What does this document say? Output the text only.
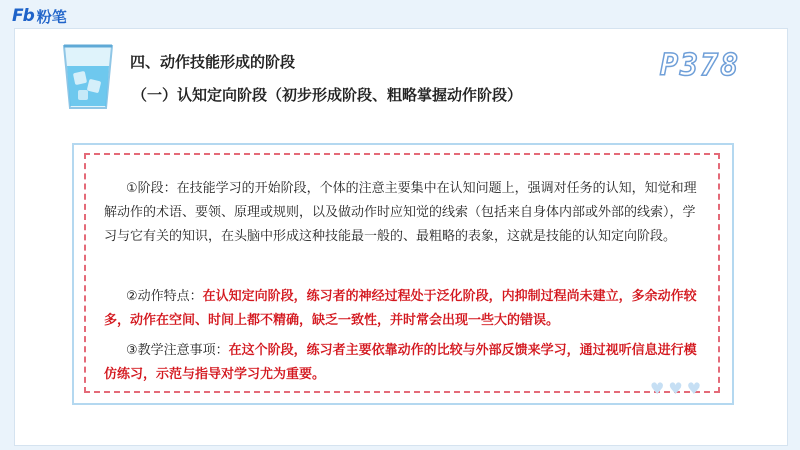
Fb 粉笔
P378
四、动作技能形成的阶段
（一）认知定向阶段（初步形成阶段、粗略掌握动作阶段）

①阶段：在技能学习的开始阶段，个体的注意主要集中在认知问题上，强调对任务的认知，知觉和理解动作的术语、要领、原理或规则，以及做动作时应知觉的线索（包括来自身体内部或外部的线索），学习与它有关的知识，在头脑中形成这种技能最一般的、最粗略的表象，这就是技能的认知定向阶段。

②动作特点：在认知定向阶段，练习者的神经过程处于泛化阶段，内抑制过程尚未建立，多余动作较多，动作在空间、时间上都不精确，缺乏一致性，并时常会出现一些大的错误。

③教学注意事项：在这个阶段，练习者主要依靠动作的比较与外部反馈来学习，通过视听信息进行模仿练习，示范与指导对学习尤为重要。

♥ ♥ ♥
